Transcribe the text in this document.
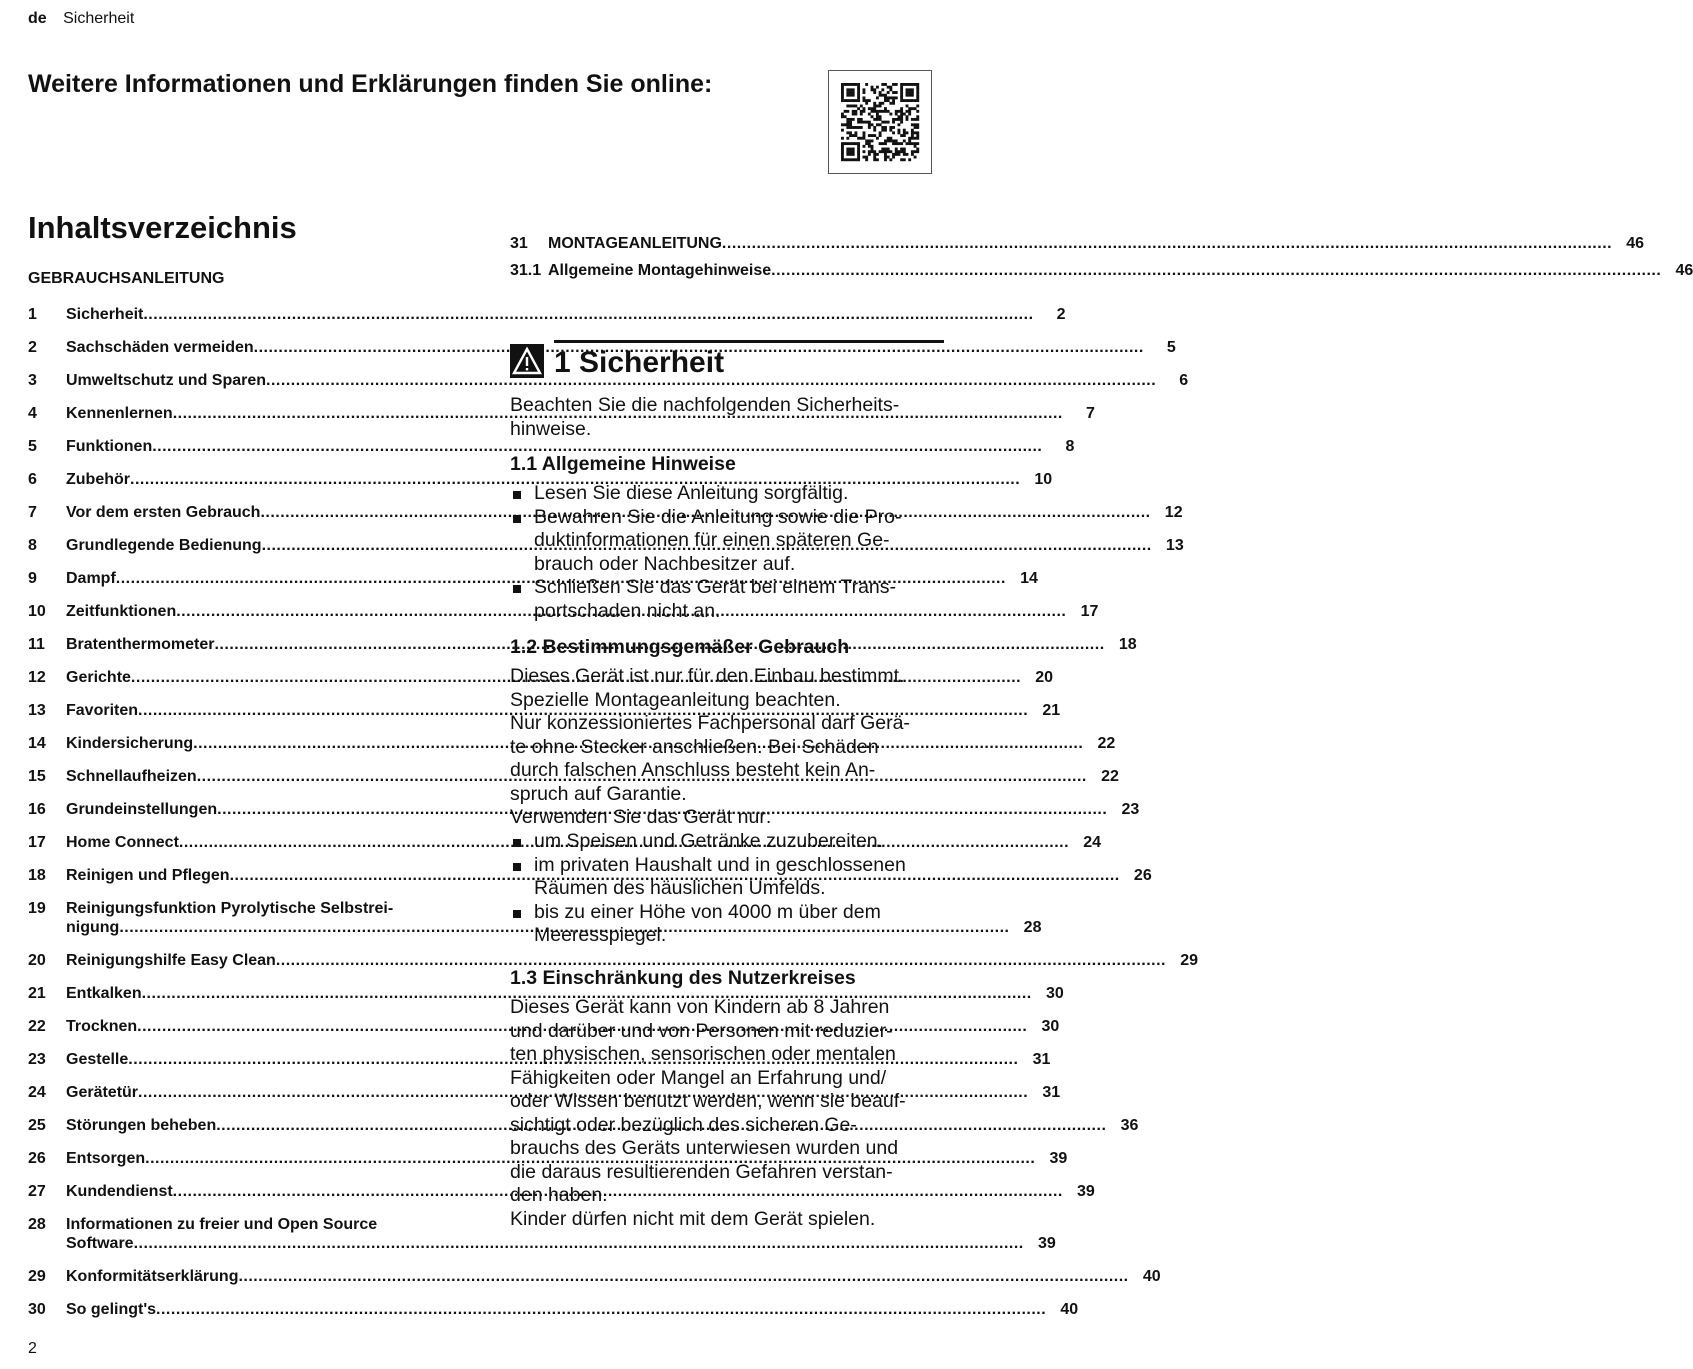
de Sicherheit
Weitere Informationen und Erklärungen finden Sie online:
Inhaltsverzeichnis
GEBRAUCHSANLEITUNG
1	Sicherheit .....	2
2	Sachschäden vermeiden .....	5
3	Umweltschutz und Sparen .....	6
4	Kennenlernen .....	7
5	Funktionen .....	8
6	Zubehör .....	10
7	Vor dem ersten Gebrauch .....	12
8	Grundlegende Bedienung .....	13
9	Dampf .....	14
10	Zeitfunktionen .....	17
11	Bratenthermometer .....	18
12	Gerichte .....	20
13	Favoriten .....	21
14	Kindersicherung .....	22
15	Schnellaufheizen .....	22
16	Grundeinstellungen .....	23
17	Home Connect .....	24
18	Reinigen und Pflegen .....	26
19	Reinigungsfunktion Pyrolytische Selbstrei-
nigung .....	28
20	Reinigungshilfe Easy Clean .....	29
21	Entkalken .....	30
22	Trocknen .....	30
23	Gestelle .....	31
24	Gerätetür .....	31
25	Störungen beheben .....	36
26	Entsorgen .....	39
27	Kundendienst .....	39
28	Informationen zu freier und Open Source
Software .....	39
29	Konformitätserklärung .....	40
30	So gelingt's .....	40
31	MONTAGEANLEITUNG .....	46
31.1 Allgemeine Montagehinweise .....	46
1 Sicherheit
Beachten Sie die nachfolgenden Sicherheits-
hinweise.
1.1 Allgemeine Hinweise
Lesen Sie diese Anleitung sorgfältig.
Bewahren Sie die Anleitung sowie die Pro-
duktinformationen für einen späteren Ge-
brauch oder Nachbesitzer auf.
Schließen Sie das Gerät bei einem Trans-
portschaden nicht an.
1.2 Bestimmungsgemäßer Gebrauch
Dieses Gerät ist nur für den Einbau bestimmt.
Spezielle Montageanleitung beachten.
Nur konzessioniertes Fachpersonal darf Gerä-
te ohne Stecker anschließen. Bei Schäden
durch falschen Anschluss besteht kein An-
spruch auf Garantie.
Verwenden Sie das Gerät nur:
um Speisen und Getränke zuzubereiten.
im privaten Haushalt und in geschlossenen
Räumen des häuslichen Umfelds.
bis zu einer Höhe von 4000 m über dem
Meeresspiegel.
1.3 Einschränkung des Nutzerkreises
Dieses Gerät kann von Kindern ab 8 Jahren
und darüber und von Personen mit reduzier-
ten physischen, sensorischen oder mentalen
Fähigkeiten oder Mangel an Erfahrung und/
oder Wissen benutzt werden, wenn sie beauf-
sichtigt oder bezüglich des sicheren Ge-
brauchs des Geräts unterwiesen wurden und
die daraus resultierenden Gefahren verstan-
den haben.
Kinder dürfen nicht mit dem Gerät spielen.
2
